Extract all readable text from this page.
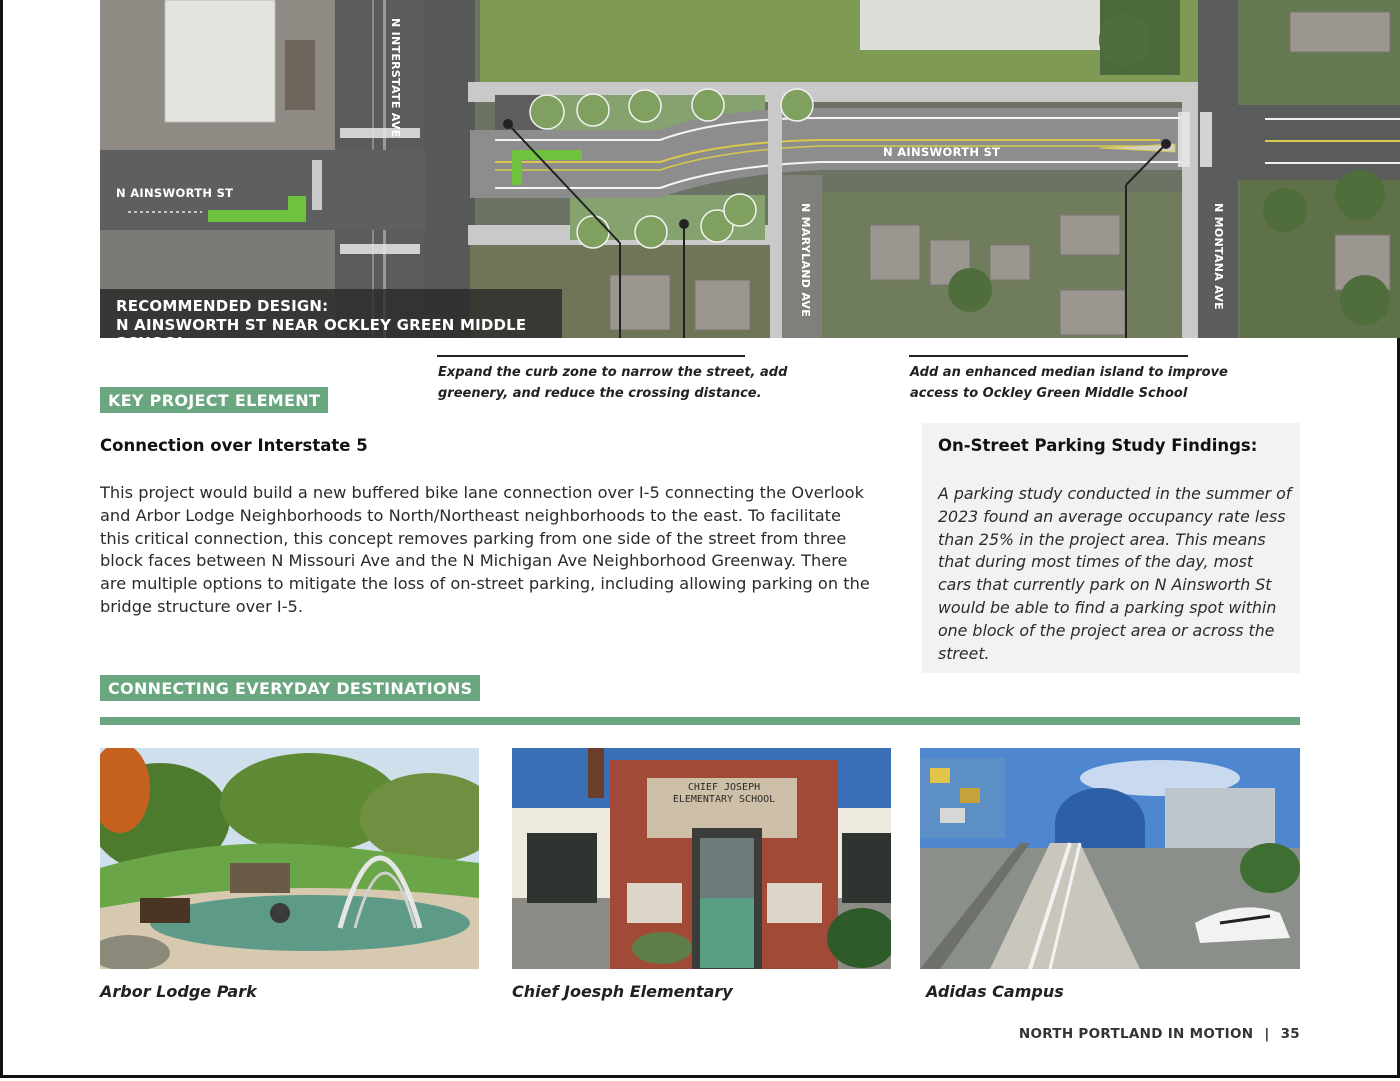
N INTERSTATE AVE
N AINSWORTH ST
N AINSWORTH ST
N MARYLAND AVE	N MONTANA AVE
RECOMMENDED DESIGN:
N AINSWORTH ST NEAR OCKLEY GREEN MIDDLE SCHOOL
Expand the curb zone to narrow the street, add
greenery, and reduce the crossing distance.
Add an enhanced median island to improve
access to Ockley Green Middle School
KEY PROJECT ELEMENT
Connection over Interstate 5
This project would build a new buffered bike lane connection over I-5 connecting the Overlook
and Arbor Lodge Neighborhoods to North/Northeast neighborhoods to the east. To facilitate
this critical connection, this concept removes parking from one side of the street from three
block faces between N Missouri Ave and the N Michigan Ave Neighborhood Greenway. There
are multiple options to mitigate the loss of on-street parking, including allowing parking on the
bridge structure over I-5.
On-Street Parking Study Findings:
A parking study conducted in the summer of
2023 found an average occupancy rate less
than 25% in the project area. This means
that during most times of the day, most
cars that currently park on N Ainsworth St
would be able to find a parking spot within
one block of the project area or across the
street.
CONNECTING EVERYDAY DESTINATIONS
CHIEF JOSEPH
ELEMENTARY SCHOOL
Arbor Lodge Park	Chief Joesph Elementary	Adidas Campus
NORTH PORTLAND IN MOTION | 35
